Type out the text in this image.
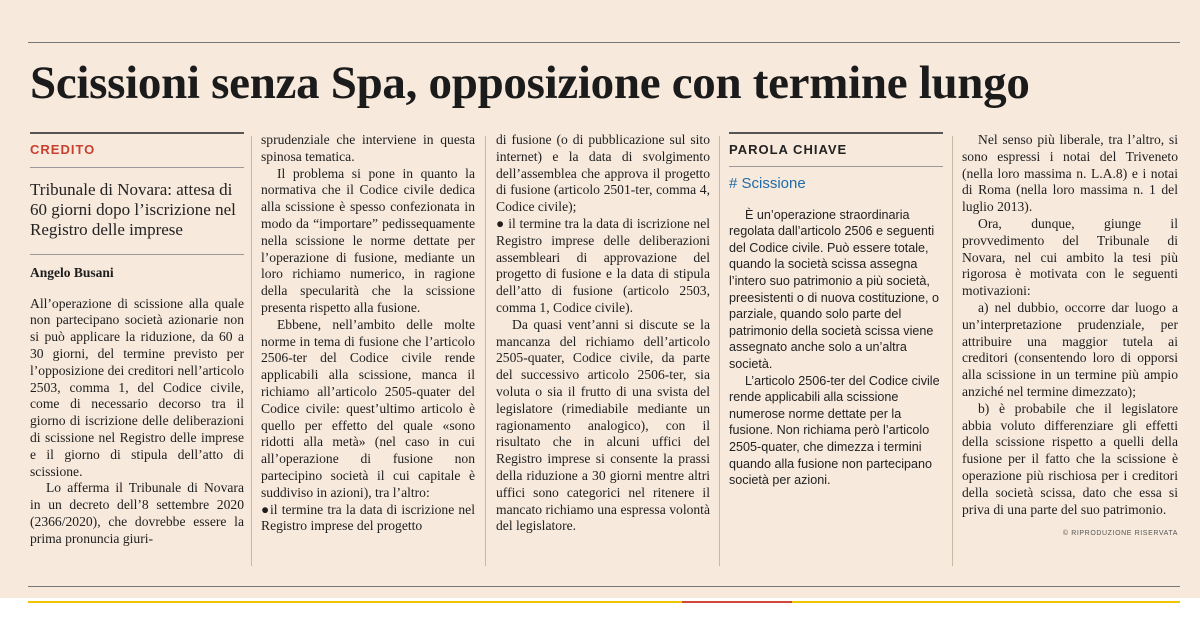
Scissioni senza Spa, opposizione con termine lungo
CREDITO
Tribunale di Novara: attesa di 60 giorni dopo l’iscrizione nel Registro delle imprese
Angelo Busani

All’operazione di scissione alla quale non partecipano società azionarie non si può applicare la riduzione, da 60 a 30 giorni, del termine previsto per l’opposizione dei creditori nell’articolo 2503, comma 1, del Codice civile, come di necessario decorso tra il giorno di iscrizione delle deliberazioni di scissione nel Registro delle imprese e il giorno di stipula dell’atto di scissione.

Lo afferma il Tribunale di Novara in un decreto dell’8 settembre 2020 (2366/2020), che dovrebbe essere la prima pronuncia giuri-

sprudenziale che interviene in questa spinosa tematica.

Il problema si pone in quanto la normativa che il Codice civile dedica alla scissione è spesso confezionata in modo da “importare” pedissequamente nella scissione le norme dettate per l’operazione di fusione, mediante un loro richiamo numerico, in ragione della specularità che la scissione presenta rispetto alla fusione.

Ebbene, nell’ambito delle molte norme in tema di fusione che l’articolo 2506-ter del Codice civile rende applicabili alla scissione, manca il richiamo all’articolo 2505-quater del Codice civile: quest’ultimo articolo è quello per effetto del quale «sono ridotti alla metà» (nel caso in cui all’operazione di fusione non partecipino società il cui capitale è suddiviso in azioni), tra l’altro:

●il termine tra la data di iscrizione nel Registro imprese del progetto

di fusione (o di pubblicazione sul sito internet) e la data di svolgimento dell’assemblea che approva il progetto di fusione (articolo 2501-ter, comma 4, Codice civile);

● il termine tra la data di iscrizione nel Registro imprese delle deliberazioni assembleari di approvazione del progetto di fusione e la data di stipula dell’atto di fusione (articolo 2503, comma 1, Codice civile).

Da quasi vent’anni si discute se la mancanza del richiamo dell’articolo 2505-quater, Codice civile, da parte del successivo articolo 2506-ter, sia voluta o sia il frutto di una svista del legislatore (rimediabile mediante un ragionamento analogico), con il risultato che in alcuni uffici del Registro imprese si consente la prassi della riduzione a 30 giorni mentre altri uffici sono categorici nel ritenere il mancato richiamo una espressa volontà del legislatore.

PAROLA CHIAVE
# Scissione

È un’operazione straordinaria regolata dall’articolo 2506 e seguenti del Codice civile. Può essere totale, quando la società scissa assegna l’intero suo patrimonio a più società, preesistenti o di nuova costituzione, o parziale, quando solo parte del patrimonio della società scissa viene assegnato anche solo a un’altra società.

L’articolo 2506-ter del Codice civile rende applicabili alla scissione numerose norme dettate per la fusione. Non richiama però l’articolo 2505-quater, che dimezza i termini quando alla fusione non partecipano società per azioni.

Nel senso più liberale, tra l’altro, si sono espressi i notai del Triveneto (nella loro massima n. L.A.8) e i notai di Roma (nella loro massima n. 1 del luglio 2013).

Ora, dunque, giunge il provvedimento del Tribunale di Novara, nel cui ambito la tesi più rigorosa è motivata con le seguenti motivazioni:

a) nel dubbio, occorre dar luogo a un’interpretazione prudenziale, per attribuire una maggior tutela ai creditori (consentendo loro di opporsi alla scissione in un termine più ampio anziché nel termine dimezzato);

b) è probabile che il legislatore abbia voluto differenziare gli effetti della scissione rispetto a quelli della fusione per il fatto che la scissione è operazione più rischiosa per i creditori della società scissa, dato che essa si priva di una parte del suo patrimonio.

© RIPRODUZIONE RISERVATA
